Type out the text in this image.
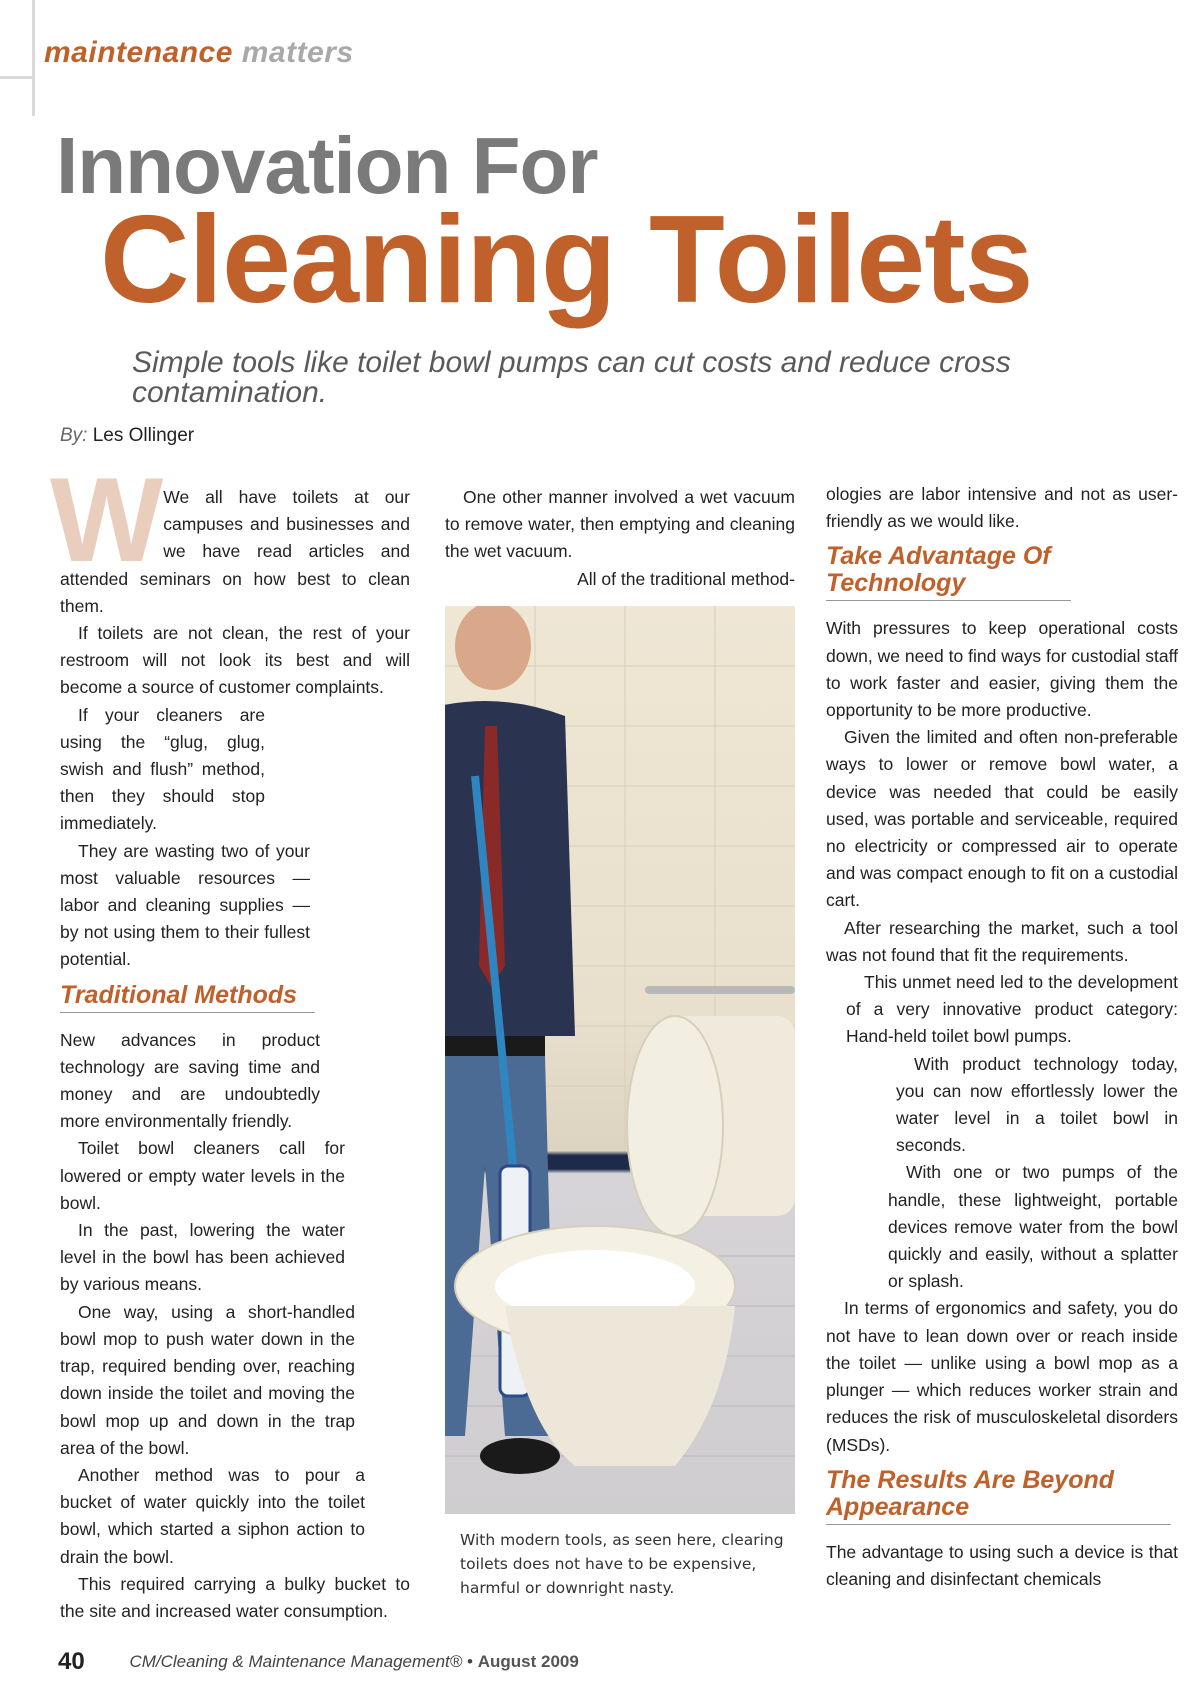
maintenance matters
Innovation For
Cleaning Toilets
Simple tools like toilet bowl pumps can cut costs and reduce cross contamination.
By: Les Ollinger
W We all have toilets at our campuses and businesses and we have read articles and attended seminars on how best to clean them.

If toilets are not clean, the rest of your restroom will not look its best and will become a source of customer complaints.

If your cleaners are using the “glug, glug, swish and flush” method, then they should stop immediately.

They are wasting two of your most valuable resources — labor and cleaning supplies — by not using them to their fullest potential.

Traditional Methods

New advances in product technology are saving time and money and are undoubtedly more environmentally friendly.

Toilet bowl cleaners call for lowered or empty water levels in the bowl.

In the past, lowering the water level in the bowl has been achieved by various means.

One way, using a short-handled bowl mop to push water down in the trap, required bending over, reaching down inside the toilet and moving the bowl mop up and down in the trap area of the bowl.

Another method was to pour a bucket of water quickly into the toilet bowl, which started a siphon action to drain the bowl.

This required carrying a bulky bucket to the site and increased water consumption.

One other manner involved a wet vacuum to remove water, then emptying and cleaning the wet vacuum.

All of the traditional method-

With modern tools, as seen here, clearing toilets does not have to be expensive, harmful or downright nasty.

ologies are labor intensive and not as user-friendly as we would like.

Take Advantage Of Technology

With pressures to keep operational costs down, we need to find ways for custodial staff to work faster and easier, giving them the opportunity to be more productive.

Given the limited and often non-preferable ways to lower or remove bowl water, a device was needed that could be easily used, was portable and serviceable, required no electricity or compressed air to operate and was compact enough to fit on a custodial cart.

After researching the market, such a tool was not found that fit the requirements.

This unmet need led to the development of a very innovative product category: Hand-held toilet bowl pumps.

With product technology today, you can now effortlessly lower the water level in a toilet bowl in seconds.

With one or two pumps of the handle, these lightweight, portable devices remove water from the bowl quickly and easily, without a splatter or splash.

In terms of ergonomics and safety, you do not have to lean down over or reach inside the toilet — unlike using a bowl mop as a plunger — which reduces worker strain and reduces the risk of musculoskeletal disorders (MSDs).

The Results Are Beyond Appearance

The advantage to using such a device is that cleaning and disinfectant chemicals

40	CM/Cleaning & Maintenance Management® • August 2009
